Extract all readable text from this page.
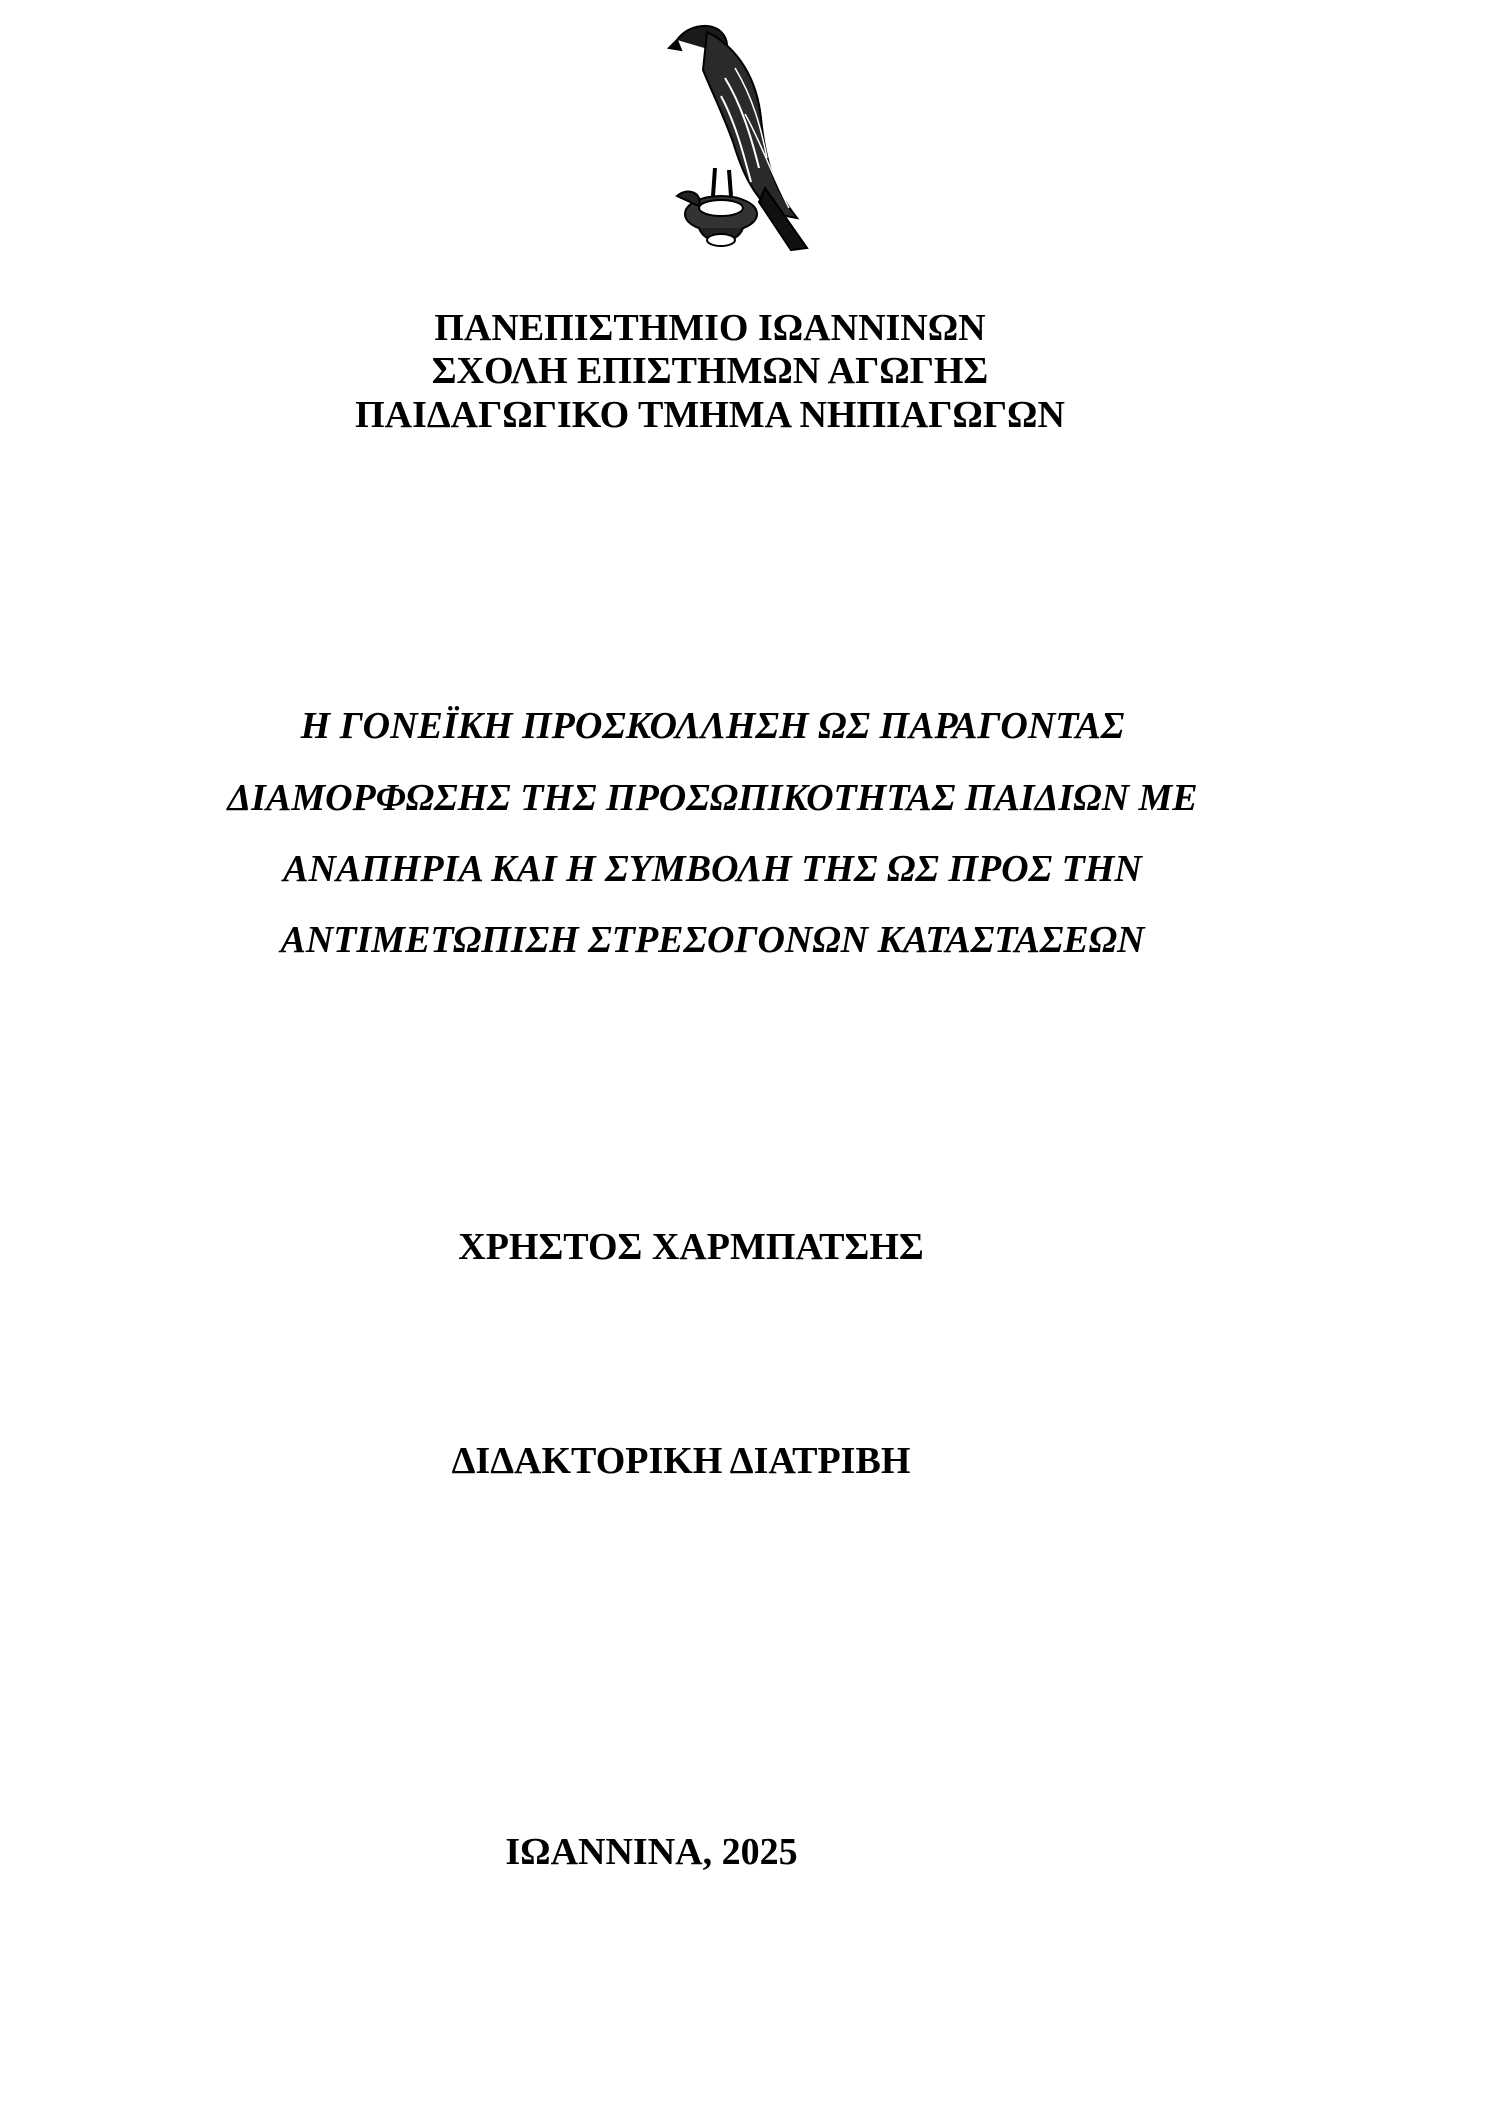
ΠΑΝΕΠΙΣΤΗΜΙΟ ΙΩΑΝΝΙΝΩΝ
ΣΧΟΛΗ ΕΠΙΣΤΗΜΩΝ ΑΓΩΓΗΣ
ΠΑΙΔΑΓΩΓΙΚΟ ΤΜΗΜΑ ΝΗΠΙΑΓΩΓΩΝ
Η ΓΟΝΕΪΚΗ ΠΡΟΣΚΟΛΛΗΣΗ ΩΣ ΠΑΡΑΓΟΝΤΑΣ
ΔΙΑΜΟΡΦΩΣΗΣ ΤΗΣ ΠΡΟΣΩΠΙΚΟΤΗΤΑΣ ΠΑΙΔΙΩΝ ΜΕ
ΑΝΑΠΗΡΙΑ ΚΑΙ Η ΣΥΜΒΟΛΗ ΤΗΣ ΩΣ ΠΡΟΣ ΤΗΝ
ΑΝΤΙΜΕΤΩΠΙΣΗ ΣΤΡΕΣΟΓΟΝΩΝ ΚΑΤΑΣΤΑΣΕΩΝ
ΧΡΗΣΤΟΣ ΧΑΡΜΠΑΤΣΗΣ
ΔΙΔΑΚΤΟΡΙΚΗ ΔΙΑΤΡΙΒΗ
ΙΩΑΝΝΙΝΑ, 2025
